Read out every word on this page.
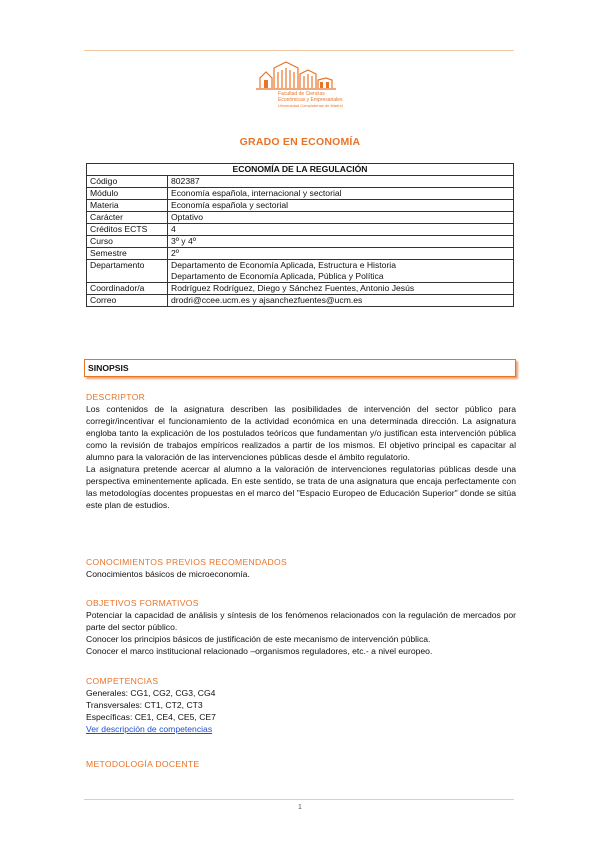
Facultad de Ciencias
Económicas y Empresariales
Universidad Complutense de Madrid
GRADO EN ECONOMÍA
ECONOMÍA DE LA REGULACIÓN	
Código	802387
Módulo	Economía española, internacional y sectorial
Materia	Economía española y sectorial
Carácter	Optativo
Créditos ECTS	4
Curso	3º y 4º
Semestre	2º
Departamento	Departamento de Economía Aplicada, Estructura e Historia
Departamento de Economía Aplicada, Pública y Política

Coordinador/a	Rodríguez Rodríguez, Diego y Sánchez Fuentes, Antonio Jesús
Correo	drodri@ccee.ucm.es y ajsanchezfuentes@ucm.es
SINOPSIS
DESCRIPTOR
Los contenidos de la asignatura describen las posibilidades de intervención del sector público para corregir/incentivar el funcionamiento de la actividad económica en una determinada dirección. La asignatura engloba tanto la explicación de los postulados teóricos que fundamentan y/o justifican esta intervención pública como la revisión de trabajos empíricos realizados a partir de los mismos. El objetivo principal es capacitar al alumno para la valoración de las intervenciones públicas desde el ámbito regulatorio.
La asignatura pretende acercar al alumno a la valoración de intervenciones regulatorias públicas desde una perspectiva eminentemente aplicada. En este sentido, se trata de una asignatura que encaja perfectamente con las metodologías docentes propuestas en el marco del "Espacio Europeo de Educación Superior" donde se sitúa este plan de estudios.
CONOCIMIENTOS PREVIOS RECOMENDADOS
Conocimientos básicos de microeconomía.
OBJETIVOS FORMATIVOS
Potenciar la capacidad de análisis y síntesis de los fenómenos relacionados con la regulación de mercados por parte del sector público.
Conocer los principios básicos de justificación de este mecanismo de intervención pública.
Conocer el marco institucional relacionado –organismos reguladores, etc.- a nivel europeo.
COMPETENCIAS
Generales: CG1, CG2, CG3, CG4
Transversales: CT1, CT2, CT3
Específicas: CE1, CE4, CE5, CE7
Ver descripción de competencias
METODOLOGÍA DOCENTE
1
